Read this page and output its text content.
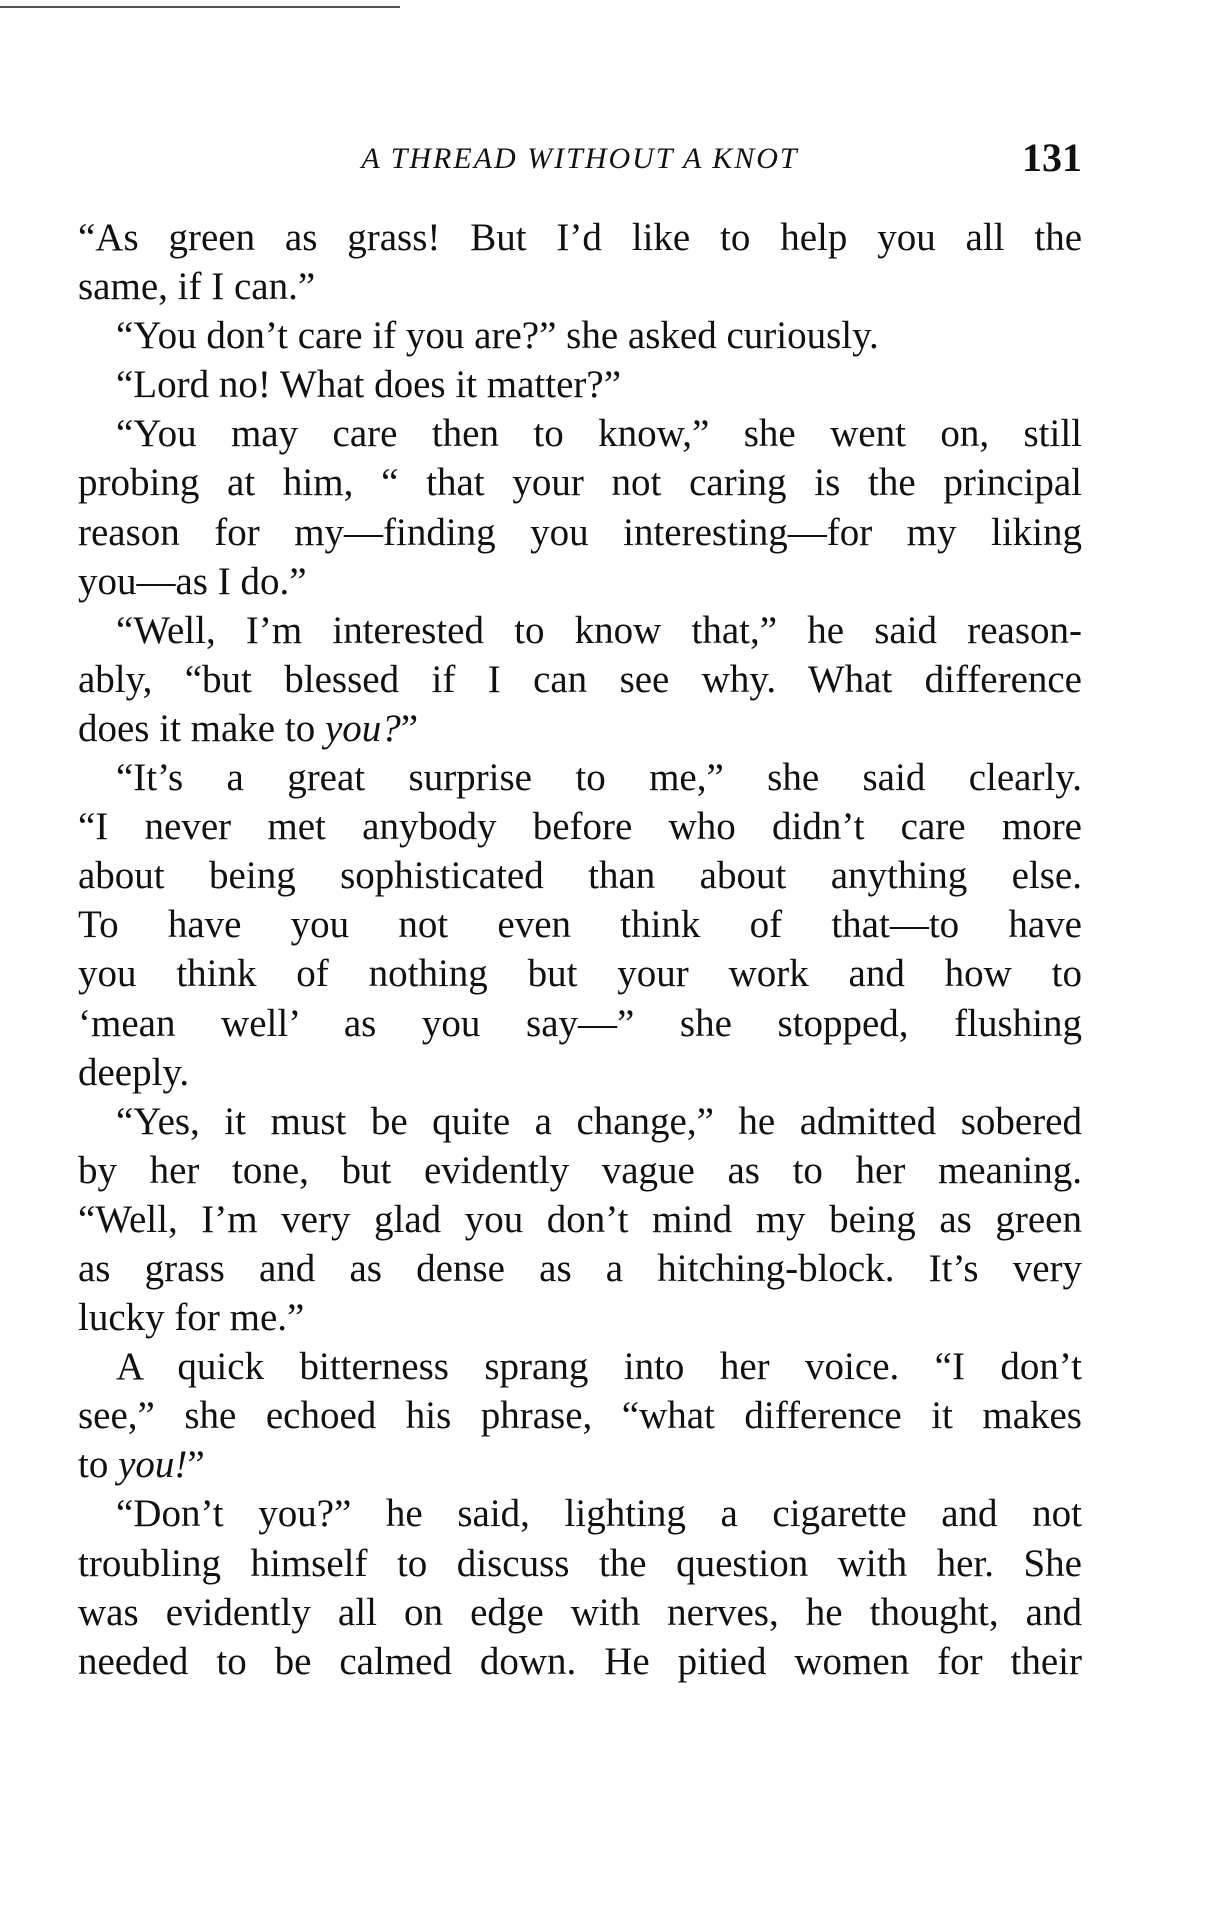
A THREAD WITHOUT A KNOT	131
“As green as grass! But I’d like to help you all the
same, if I can.”
“You don’t care if you are?” she asked curiously.
“Lord no! What does it matter?”
“You may care then to know,” she went on, still
probing at him, “ that your not caring is the principal
reason for my—finding you interesting—for my liking
you—as I do.”
“Well, I’m interested to know that,” he said reason-
ably, “but blessed if I can see why. What difference
does it make to you?”
“It’s a great surprise to me,” she said clearly.
“I never met anybody before who didn’t care more
about being sophisticated than about anything else.
To have you not even think of that—to have
you think of nothing but your work and how to
‘mean well’ as you say—” she stopped, flushing
deeply.
“Yes, it must be quite a change,” he admitted sobered
by her tone, but evidently vague as to her meaning.
“Well, I’m very glad you don’t mind my being as green
as grass and as dense as a hitching-block. It’s very
lucky for me.”
A quick bitterness sprang into her voice. “I don’t
see,” she echoed his phrase, “what difference it makes
to you!”
“Don’t you?” he said, lighting a cigarette and not
troubling himself to discuss the question with her. She
was evidently all on edge with nerves, he thought, and
needed to be calmed down. He pitied women for their
